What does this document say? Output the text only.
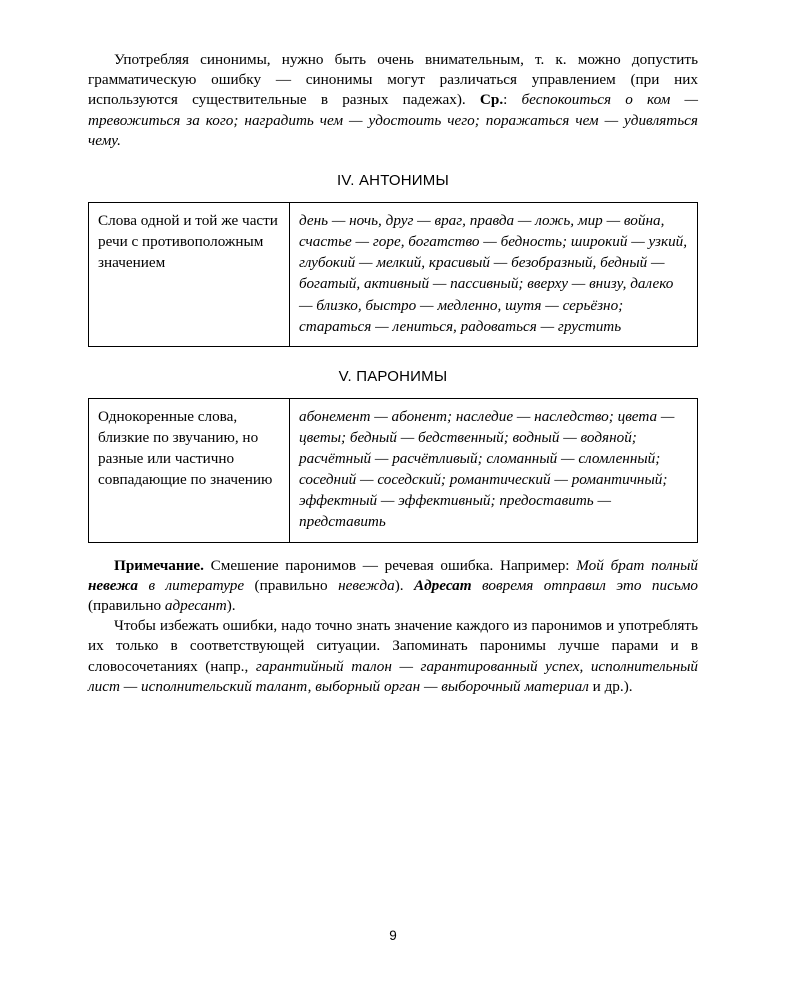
Употребляя синонимы, нужно быть очень внимательным, т. к. можно допустить грамматическую ошибку — синонимы могут различаться управлением (при них используются существительные в разных падежах). Ср.: беспокоиться о ком — тревожиться за кого; наградить чем — удостоить чего; поражаться чем — удивляться чему.

IV. АНТОНИМЫ
Слова одной и той же части речи с противоположным значением	день — ночь, друг — враг, правда — ложь, мир — война, счастье — горе, богатство — бедность; широкий — узкий, глубокий — мелкий, красивый — безобразный, бедный — богатый, активный — пассивный; вверху — внизу, далеко — близко, быстро — медленно, шутя — серьёзно; стараться — лениться, радоваться — грустить
V. ПАРОНИМЫ
Однокоренные слова, близкие по звучанию, но разные или частично совпадающие по значению	абонемент — абонент; наследие — наследство; цвета — цветы; бедный — бедственный; водный — водяной; расчётный — расчётливый; сломанный — сломленный; соседний — соседский; романтический — романтичный; эффектный — эффективный; предоставить — представить

Примечание. Смешение паронимов — речевая ошибка. Например: Мой брат полный невежа в литературе (правильно невежда). Адресат вовремя отправил это письмо (правильно адресант).

Чтобы избежать ошибки, надо точно знать значение каждого из паронимов и употреблять их только в соответствующей ситуации. Запоминать паронимы лучше парами и в словосочетаниях (напр., гарантийный талон — гарантированный успех, исполнительный лист — исполнительский талант, выборный орган — выборочный материал и др.).

9
